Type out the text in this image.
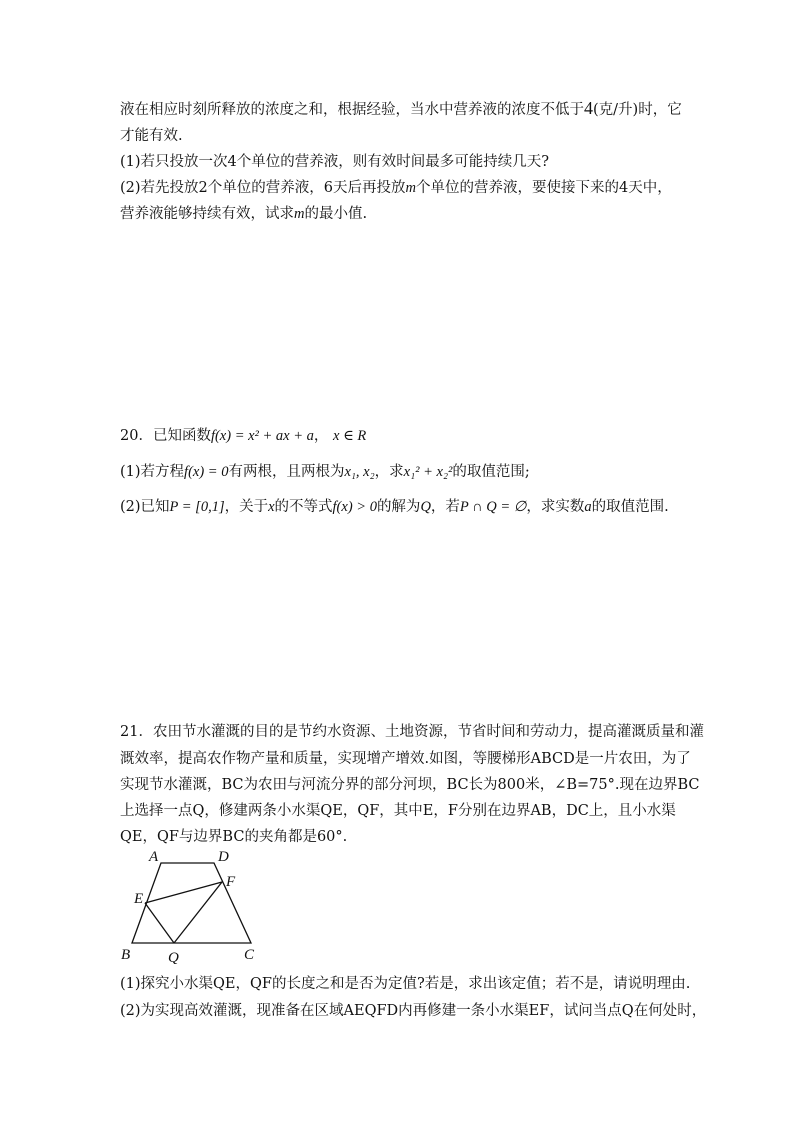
液在相应时刻所释放的浓度之和，根据经验，当水中营养液的浓度不低于4(克/升)时，它
才能有效.
(1)若只投放一次4个单位的营养液，则有效时间最多可能持续几天?
(2)若先投放2个单位的营养液，6天后再投放m个单位的营养液，要使接下来的4天中，
营养液能够持续有效，试求m的最小值.
20．已知函数f(x) = x² + ax + a， x ∈ R
(1)若方程f(x) = 0有两根，且两根为x₁, x₂，求x₁² + x₂²的取值范围;
(2)已知P = [0,1]，关于x的不等式f(x) > 0的解为Q，若P ∩ Q = ∅，求实数a的取值范围.
21．农田节水灌溉的目的是节约水资源、土地资源，节省时间和劳动力，提高灌溉质量和灌
溉效率，提高农作物产量和质量，实现增产增效.如图，等腰梯形ABCD是一片农田，为了
实现节水灌溉，BC为农田与河流分界的部分河坝，BC长为800米，∠B=75°.现在边界BC
上选择一点Q，修建两条小水渠QE，QF，其中E，F分别在边界AB，DC上，且小水渠
QE，QF与边界BC的夹角都是60°.
A	D
E
F
B	Q	C
(1)探究小水渠QE，QF的长度之和是否为定值?若是，求出该定值；若不是，请说明理由.
(2)为实现高效灌溉，现准备在区域AEQFD内再修建一条小水渠EF，试问当点Q在何处时，
